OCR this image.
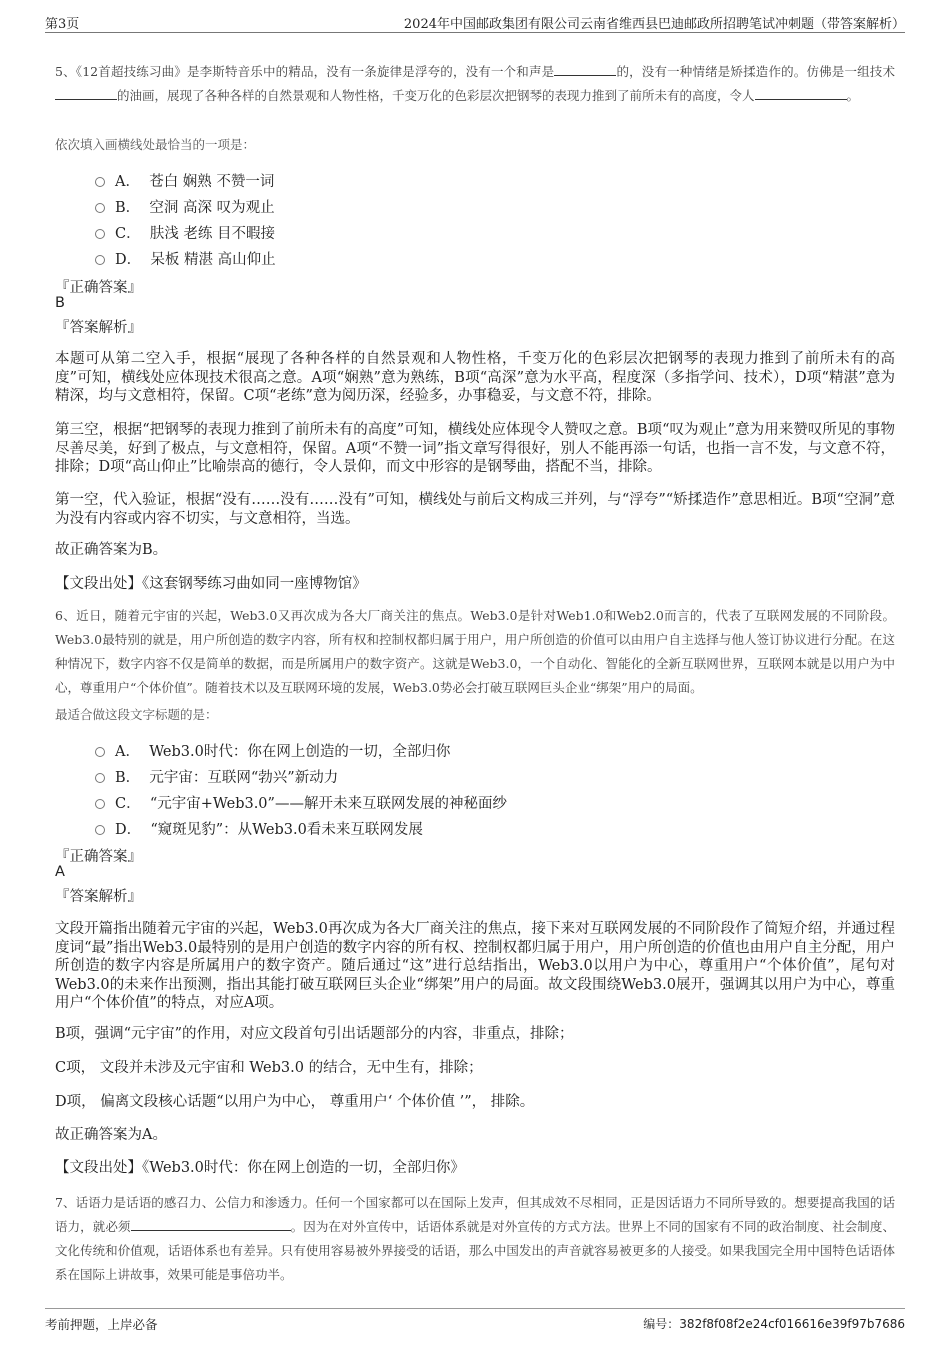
第3页	2024年中国邮政集团有限公司云南省维西县巴迪邮政所招聘笔试冲刺题（带答案解析）

5、《12首超技练习曲》是李斯特音乐中的精品，没有一条旋律是浮夸的，没有一个和声是	的，没有一种情绪是矫揉造作的。仿佛是一组技术的油画，展现了各种各样的自然景观和人物性格，千变万化的色彩层次把钢琴的表现力推到了前所未有的高度，令人	。

依次填入画横线处最恰当的一项是：

A． 苍白 娴熟 不赞一词
B． 空洞 高深 叹为观止
C． 肤浅 老练 目不暇接
D． 呆板 精湛 高山仰止

『正确答案』

B

『答案解析』

本题可从第二空入手，根据“展现了各种各样的自然景观和人物性格，千变万化的色彩层次把钢琴的表现力推到了前所未有的高度”可知，横线处应体现技术很高之意。A项“娴熟”意为熟练，B项“高深”意为水平高，程度深（多指学问、技术），D项“精湛”意为精深，均与文意相符，保留。C项“老练”意为阅历深，经验多，办事稳妥，与文意不符，排除。

第三空，根据“把钢琴的表现力推到了前所未有的高度”可知，横线处应体现令人赞叹之意。B项“叹为观止”意为用来赞叹所见的事物尽善尽美，好到了极点，与文意相符，保留。A项“不赞一词”指文章写得很好，别人不能再添一句话，也指一言不发，与文意不符，排除；D项“高山仰止”比喻崇高的德行，令人景仰，而文中形容的是钢琴曲，搭配不当，排除。

第一空，代入验证，根据“没有……没有……没有”可知，横线处与前后文构成三并列，与“浮夸”“矫揉造作”意思相近。B项“空洞”意为没有内容或内容不切实，与文意相符，当选。

故正确答案为B。

【文段出处】《这套钢琴练习曲如同一座博物馆》

6、近日，随着元宇宙的兴起，Web3.0又再次成为各大厂商关注的焦点。Web3.0是针对Web1.0和Web2.0而言的，代表了互联网发展的不同阶段。Web3.0最特别的就是，用户所创造的数字内容，所有权和控制权都归属于用户，用户所创造的价值可以由用户自主选择与他人签订协议进行分配。在这种情况下，数字内容不仅是简单的数据，而是所属用户的数字资产。这就是Web3.0，一个自动化、智能化的全新互联网世界，互联网本就是以用户为中心，尊重用户“个体价值”。随着技术以及互联网环境的发展，Web3.0势必会打破互联网巨头企业“绑架”用户的局面。

最适合做这段文字标题的是：

A． Web3.0时代：你在网上创造的一切，全部归你
B． 元宇宙：互联网“勃兴”新动力
C． “元宇宙+Web3.0”——解开未来互联网发展的神秘面纱
D． “窥斑见豹”：从Web3.0看未来互联网发展

『正确答案』

A

『答案解析』

文段开篇指出随着元宇宙的兴起，Web3.0再次成为各大厂商关注的焦点，接下来对互联网发展的不同阶段作了简短介绍，并通过程度词“最”指出Web3.0最特别的是用户创造的数字内容的所有权、控制权都归属于用户，用户所创造的价值也由用户自主分配，用户所创造的数字内容是所属用户的数字资产。随后通过“这”进行总结指出，Web3.0以用户为中心，尊重用户“个体价值”，尾句对Web3.0的未来作出预测，指出其能打破互联网巨头企业“绑架”用户的局面。故文段围绕Web3.0展开，强调其以用户为中心，尊重用户“个体价值”的特点，对应A项。

B项，强调“元宇宙”的作用，对应文段首句引出话题部分的内容，非重点，排除；

C项， 文段并未涉及元宇宙和 Web3.0 的结合，无中生有，排除；

D项， 偏离文段核心话题“以用户为中心， 尊重用户‘ 个体价值 ’”， 排除。

故正确答案为A。

【文段出处】《Web3.0时代：你在网上创造的一切，全部归你》

7、话语力是话语的感召力、公信力和渗透力。任何一个国家都可以在国际上发声，但其成效不尽相同，正是因话语力不同所导致的。想要提高我国的话语力，就必须	。因为在对外宣传中，话语体系就是对外宣传的方式方法。世界上不同的国家有不同的政治制度、社会制度、文化传统和价值观，话语体系也有差异。只有使用容易被外界接受的话语，那么中国发出的声音就容易被更多的人接受。如果我国完全用中国特色话语体系在国际上讲故事，效果可能是事倍功半。

考前押题，上岸必备	编号：382f8f08f2e24cf016616e39f97b7686
